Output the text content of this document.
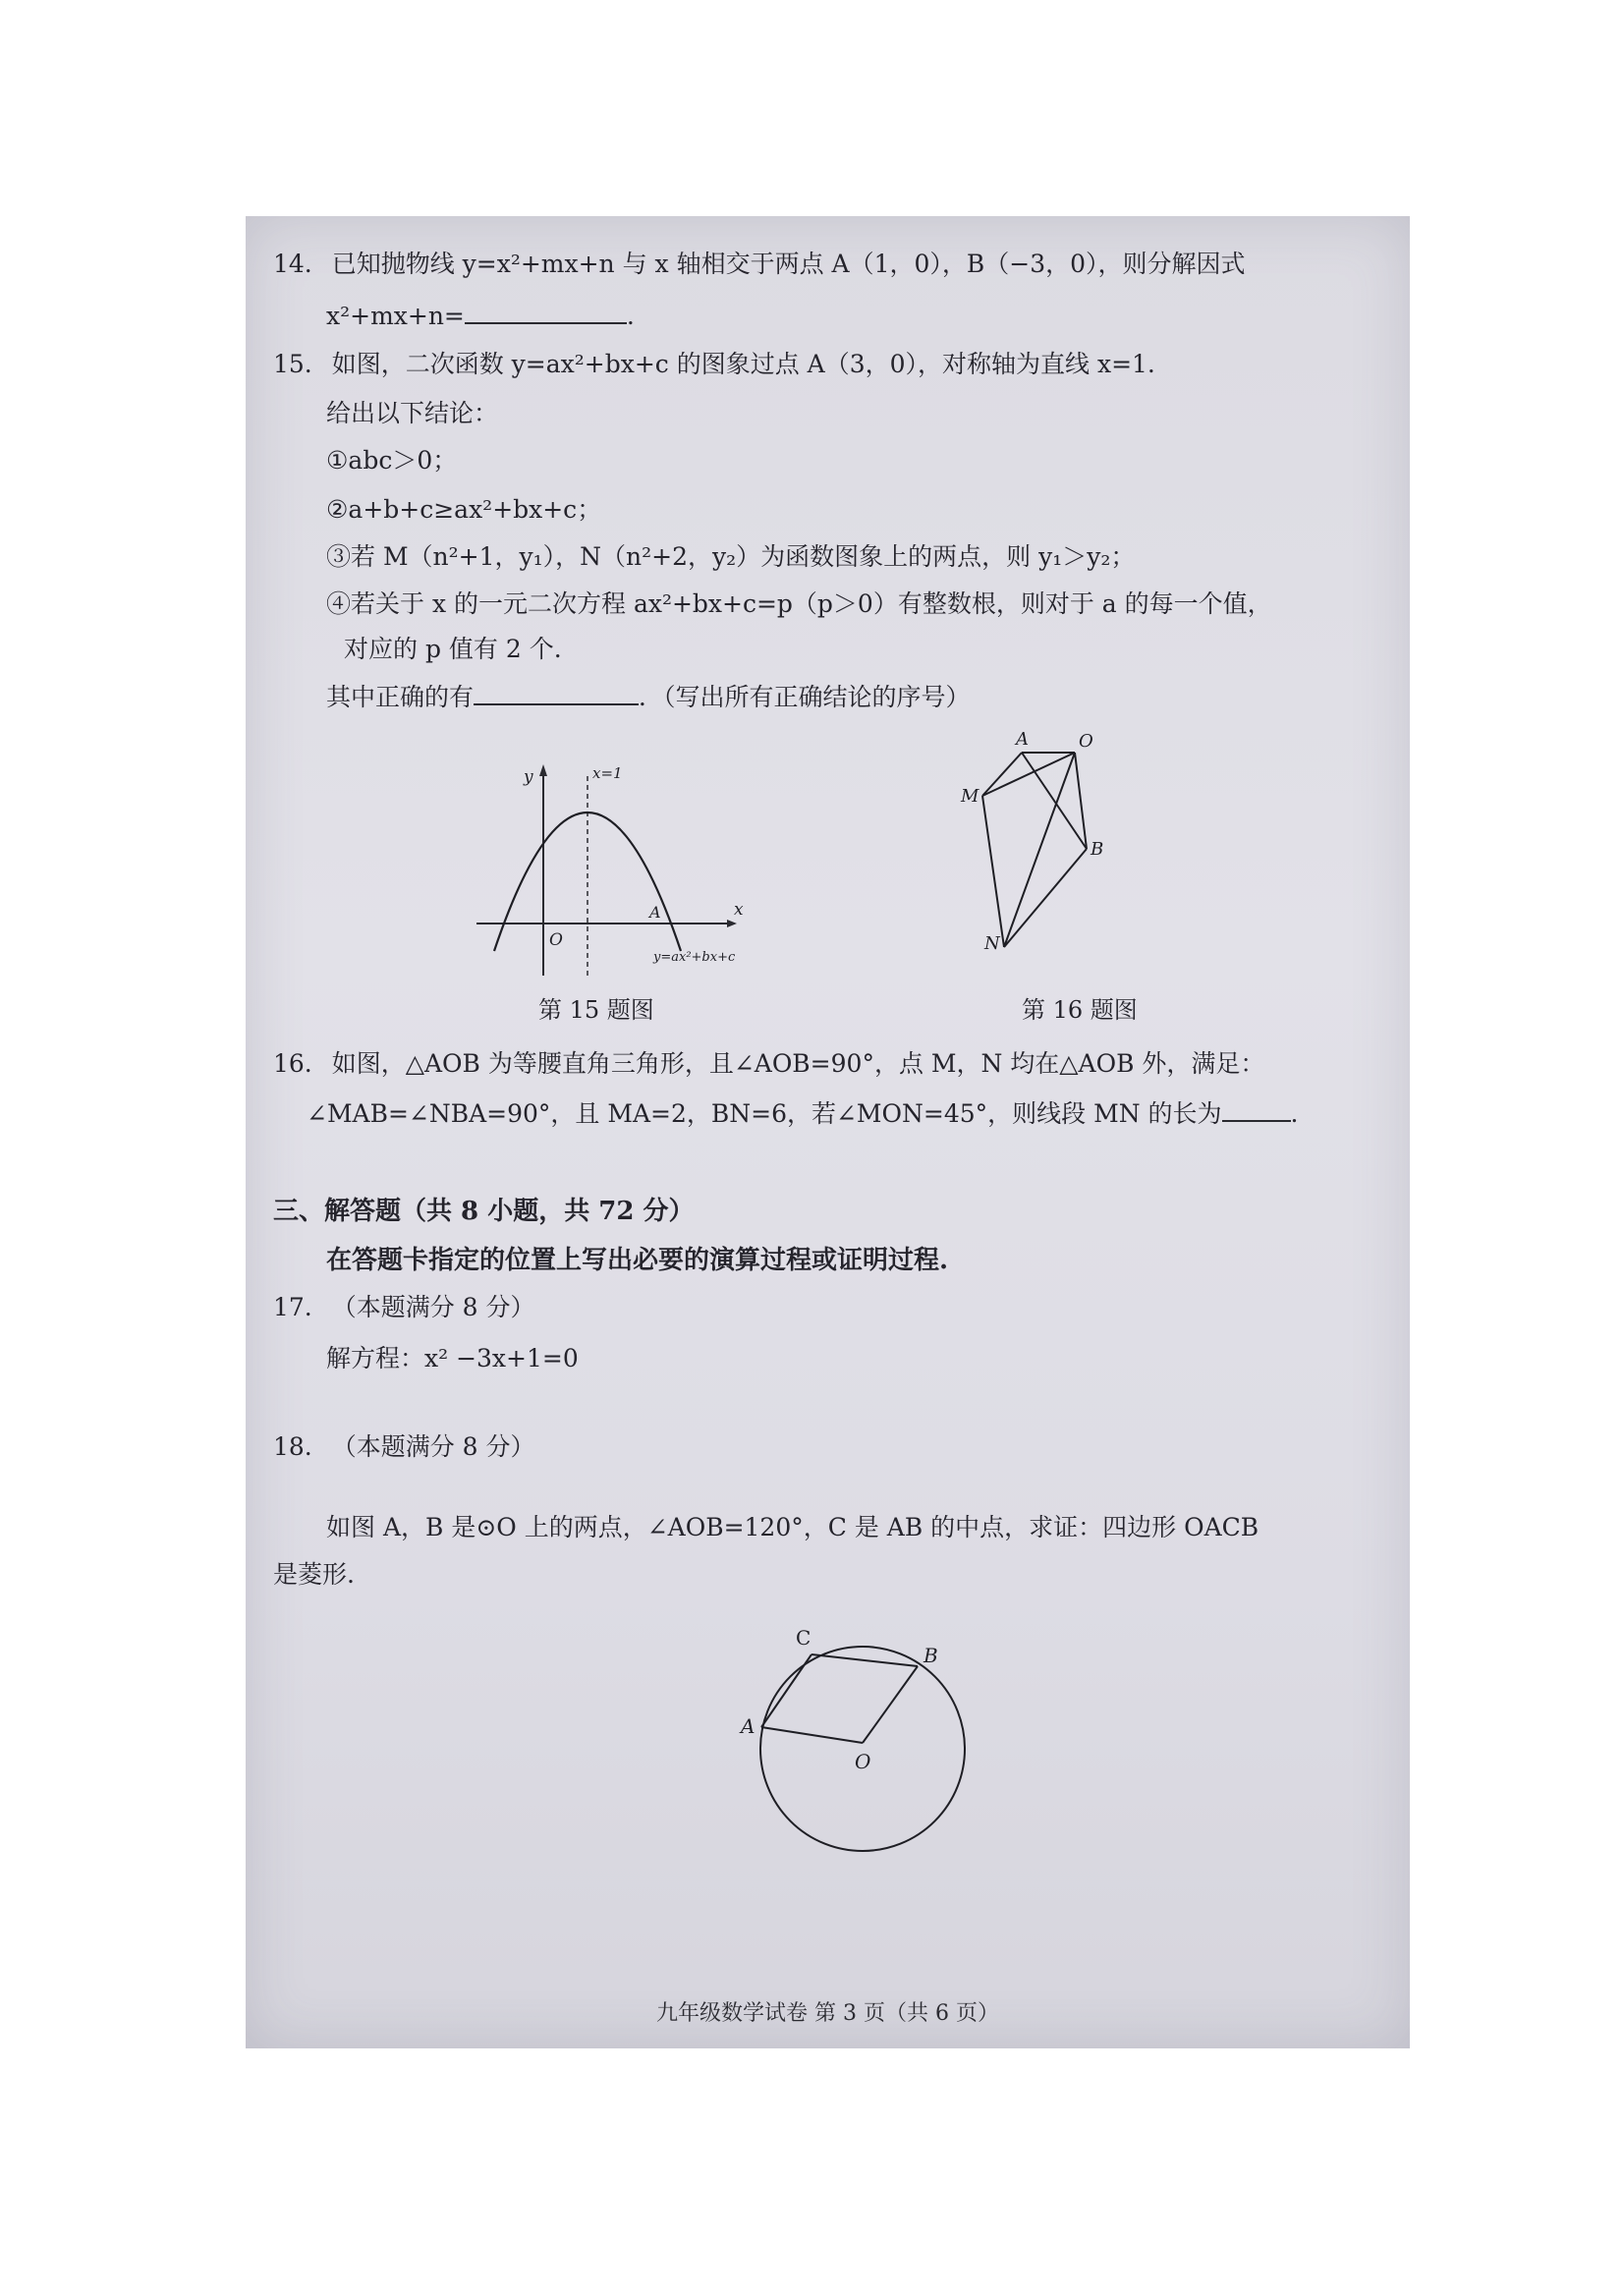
14. 已知抛物线 y=x²+mx+n 与 x 轴相交于两点 A（1，0），B（−3，0），则分解因式
x²+mx+n=	.
15. 如图，二次函数 y=ax²+bx+c 的图象过点 A（3，0），对称轴为直线 x=1.
给出以下结论：
①abc＞0；
②a+b+c≥ax²+bx+c；
③若 M（n²+1，y₁），N（n²+2，y₂）为函数图象上的两点，则 y₁＞y₂；
④若关于 x 的一元二次方程 ax²+bx+c=p（p＞0）有整数根，则对于 a 的每一个值，
对应的 p 值有 2 个.
其中正确的有	．（写出所有正确结论的序号）
y
x
x=1
O
A
y=ax²+bx+c
第 15 题图
A	O
M
B
N
第 16 题图
16. 如图，△AOB 为等腰直角三角形，且∠AOB=90°，点 M，N 均在△AOB 外，满足：
∠MAB=∠NBA=90°，且 MA=2，BN=6，若∠MON=45°，则线段 MN 的长为	.
三、解答题（共 8 小题，共 72 分）
在答题卡指定的位置上写出必要的演算过程或证明过程.
17. （本题满分 8 分）
解方程：x² −3x+1=0
18. （本题满分 8 分）
如图 A，B 是⊙O 上的两点，∠AOB=120°，C 是 AB 的中点，求证：四边形 OACB
是菱形.
C
B
A
O
九年级数学试卷 第 3 页（共 6 页）
